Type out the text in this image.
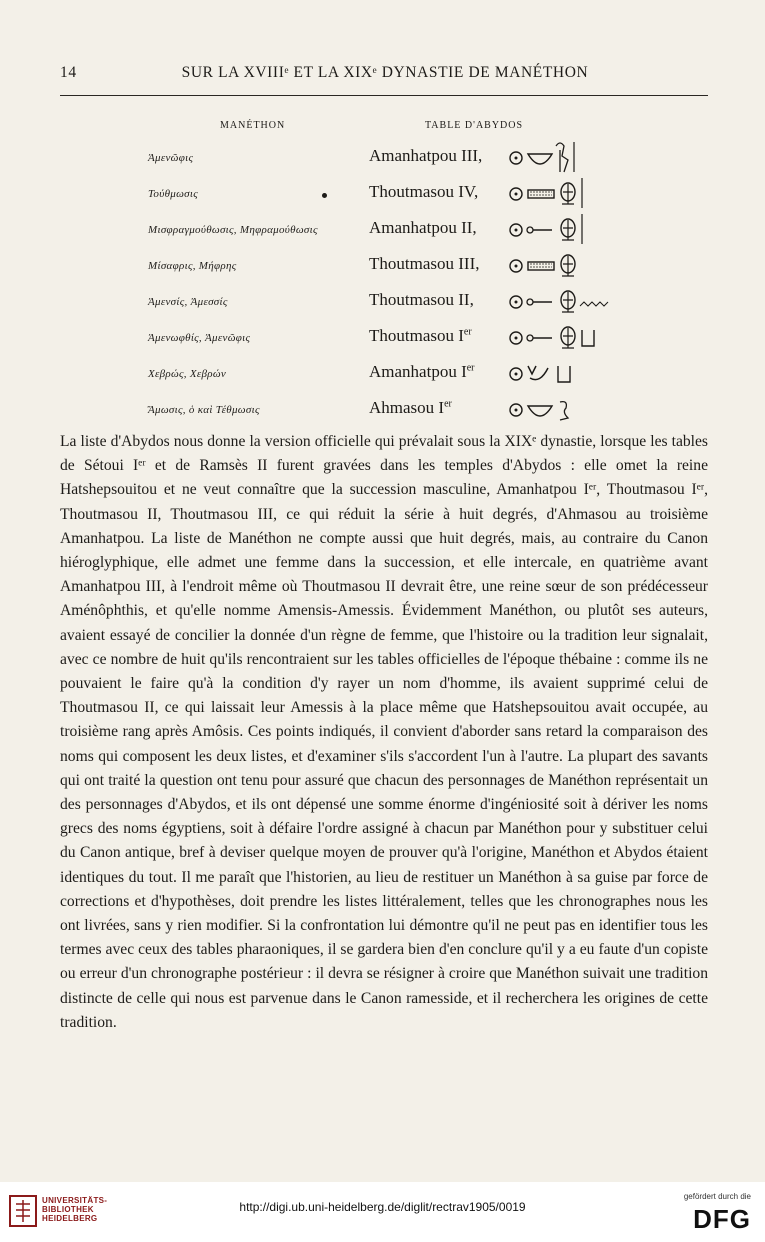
14	SUR LA XVIIIᵉ ET LA XIXᵉ DYNASTIE DE MANÉTHON
MANÉTHON	TABLE D'ABYDOS
Ἀμενῶφις	Amanhatpou III,
Τούθμωσις	Thoutmasou IV,
Μισφραγμούθωσις, Μηφραμούθωσις	Amanhatpou II,
Μίσαφρις, Μήφρης	Thoutmasou III,
Ἀμενσίς, Ἀμεσσίς	Thoutmasou II,
Ἀμενωφθίς, Ἀμενῶφις	Thoutmasou Ier
Χεβρώς, Χεβρών	Amanhatpou Ier
Ἄμωσις, ὁ καὶ Τέθμωσις	Ahmasou Ier

La liste d'Abydos nous donne la version officielle qui prévalait sous la XIXᵉ dynastie, lorsque les tables de Sétoui Iᵉʳ et de Ramsès II furent gravées dans les temples d'Abydos : elle omet la reine Hatshepsouitou et ne veut connaître que la succession masculine, Amanhatpou Iᵉʳ, Thoutmasou Iᵉʳ, Thoutmasou II, Thoutmasou III, ce qui réduit la série à huit degrés, d'Ahmasou au troisième Amanhatpou. La liste de Manéthon ne compte aussi que huit degrés, mais, au contraire du Canon hiéroglyphique, elle admet une femme dans la succession, et elle intercale, en quatrième avant Amanhatpou III, à l'endroit même où Thoutmasou II devrait être, une reine sœur de son prédécesseur Aménôphthis, et qu'elle nomme Amensis-Amessis. Évidemment Manéthon, ou plutôt ses auteurs, avaient essayé de concilier la donnée d'un règne de femme, que l'histoire ou la tradition leur signalait, avec ce nombre de huit qu'ils rencontraient sur les tables officielles de l'époque thébaine : comme ils ne pouvaient le faire qu'à la condition d'y rayer un nom d'homme, ils avaient supprimé celui de Thoutmasou II, ce qui laissait leur Amessis à la place même que Hatshepsouitou avait occupée, au troisième rang après Amôsis. Ces points indiqués, il convient d'aborder sans retard la comparaison des noms qui composent les deux listes, et d'examiner s'ils s'accordent l'un à l'autre. La plupart des savants qui ont traité la question ont tenu pour assuré que chacun des personnages de Manéthon représentait un des personnages d'Abydos, et ils ont dépensé une somme énorme d'ingéniosité soit à dériver les noms grecs des noms égyptiens, soit à défaire l'ordre assigné à chacun par Manéthon pour y substituer celui du Canon antique, bref à deviser quelque moyen de prouver qu'à l'origine, Manéthon et Abydos étaient identiques du tout. Il me paraît que l'historien, au lieu de restituer un Manéthon à sa guise par force de corrections et d'hypothèses, doit prendre les listes littéralement, telles que les chronographes nous les ont livrées, sans y rien modifier. Si la confrontation lui démontre qu'il ne peut pas en identifier tous les termes avec ceux des tables pharaoniques, il se gardera bien d'en conclure qu'il y a eu faute d'un copiste ou erreur d'un chronographe postérieur : il devra se résigner à croire que Manéthon suivait une tradition distincte de celle qui nous est parvenue dans le Canon ramesside, et il recherchera les origines de cette tradition.

UNIVERSITÄTS-
BIBLIOTHEK
HEIDELBERG
http://digi.ub.uni-heidelberg.de/diglit/rectrav1905/0019
gefördert durch die
DFG
